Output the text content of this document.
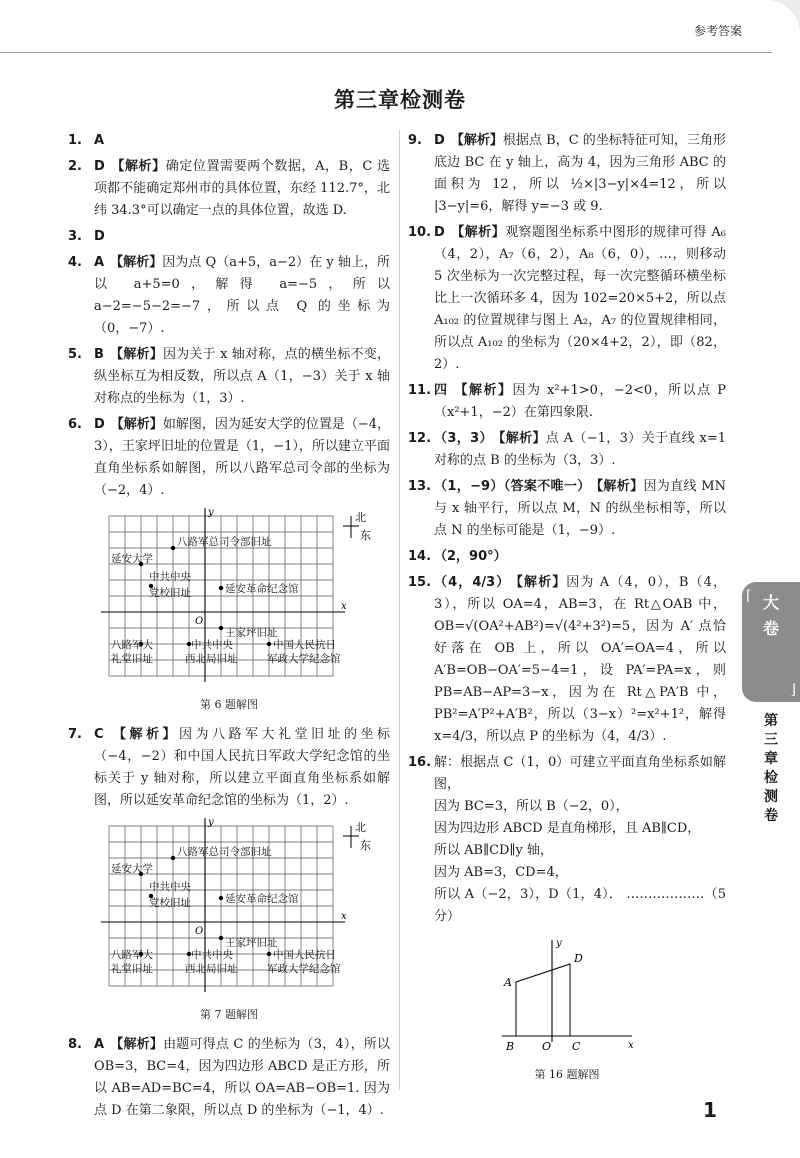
参考答案
第三章检测卷
1. A
2. D 【解析】确定位置需要两个数据，A，B，C 选项都不能确定郑州市的具体位置，东经 112.7°，北纬 34.3°可以确定一点的具体位置，故选 D.
3. D
4. A 【解析】因为点 Q（a+5，a−2）在 y 轴上，所以 a+5=0，解得 a=−5，所以 a−2=−5−2=−7，所以点 Q 的坐标为（0，−7）.
5. B 【解析】因为关于 x 轴对称，点的横坐标不变，纵坐标互为相反数，所以点 A（1，−3）关于 x 轴对称点的坐标为（1，3）.
6. D 【解析】如解图，因为延安大学的位置是（−4，3），王家坪旧址的位置是（1，−1），所以建立平面直角坐标系如解图，所以八路军总司令部的坐标为（−2，4）.
x
y
O
北
东
八路军总司令部旧址
延安大学
中共中央
党校旧址	延安革命纪念馆
王家坪旧址
八路军大
礼堂旧址
中共中央
西北局旧址
中国人民抗日
军政大学纪念馆
第 6 题解图
7. C 【解析】因为八路军大礼堂旧址的坐标（−4，−2）和中国人民抗日军政大学纪念馆的坐标关于 y 轴对称，所以建立平面直角坐标系如解图，所以延安革命纪念馆的坐标为（1，2）.
x
y
O
北
东
八路军总司令部旧址
延安大学
中共中央
党校旧址	延安革命纪念馆
王家坪旧址
八路军大
礼堂旧址
中共中央
西北局旧址
中国人民抗日
军政大学纪念馆
第 7 题解图
8. A 【解析】由题可得点 C 的坐标为（3，4），所以 OB=3，BC=4，因为四边形 ABCD 是正方形，所以 AB=AD=BC=4，所以 OA=AB−OB=1. 因为点 D 在第二象限，所以点 D 的坐标为（−1，4）.
9. D 【解析】根据点 B，C 的坐标特征可知，三角形底边 BC 在 y 轴上，高为 4，因为三角形 ABC 的面积为 12，所以 ½×|3−y|×4=12，所以 |3−y|=6，解得 y=−3 或 9.
10. D 【解析】观察题图坐标系中图形的规律可得 A₆（4，2），A₇（6，2），A₈（6，0），…，则移动 5 次坐标为一次完整过程，每一次完整循环横坐标比上一次循环多 4，因为 102=20×5+2，所以点 A₁₀₂ 的位置规律与图上 A₂，A₇ 的位置规律相同，所以点 A₁₀₂ 的坐标为（20×4+2，2），即（82，2）.
11. 四 【解析】因为 x²+1>0，−2<0，所以点 P（x²+1，−2）在第四象限.
12. （3，3） 【解析】点 A（−1，3）关于直线 x=1 对称的点 B 的坐标为（3，3）.
13. （1，−9）（答案不唯一） 【解析】因为直线 MN 与 x 轴平行，所以点 M，N 的纵坐标相等，所以点 N 的坐标可能是（1，−9）.
14. （2，90°）
15. （4，4/3） 【解析】因为 A（4，0），B（4，3），所以 OA=4，AB=3，在 Rt△OAB 中，OB=√(OA²+AB²)=√(4²+3²)=5，因为 A′ 点恰好落在 OB 上，所以 OA′=OA=4，所以 A′B=OB−OA′=5−4=1，设 PA′=PA=x，则 PB=AB−AP=3−x，因为在 Rt△PA′B 中，PB²=A′P²+A′B²，所以（3−x）²=x²+1²，解得 x=4/3，所以点 P 的坐标为（4，4/3）.
16. 解：根据点 C（1，0）可建立平面直角坐标系如解图，
因为 BC=3，所以 B（−2，0），
因为四边形 ABCD 是直角梯形，且 AB∥CD，
所以 AB∥CD∥y 轴，
因为 AB=3，CD=4，
所以 A（−2，3），D（1，4）． ………………（5 分）
A
B	O C
D
x
y
第 16 题解图
⌈ 大
卷
⌋
第
三
章
检
测
卷
1
